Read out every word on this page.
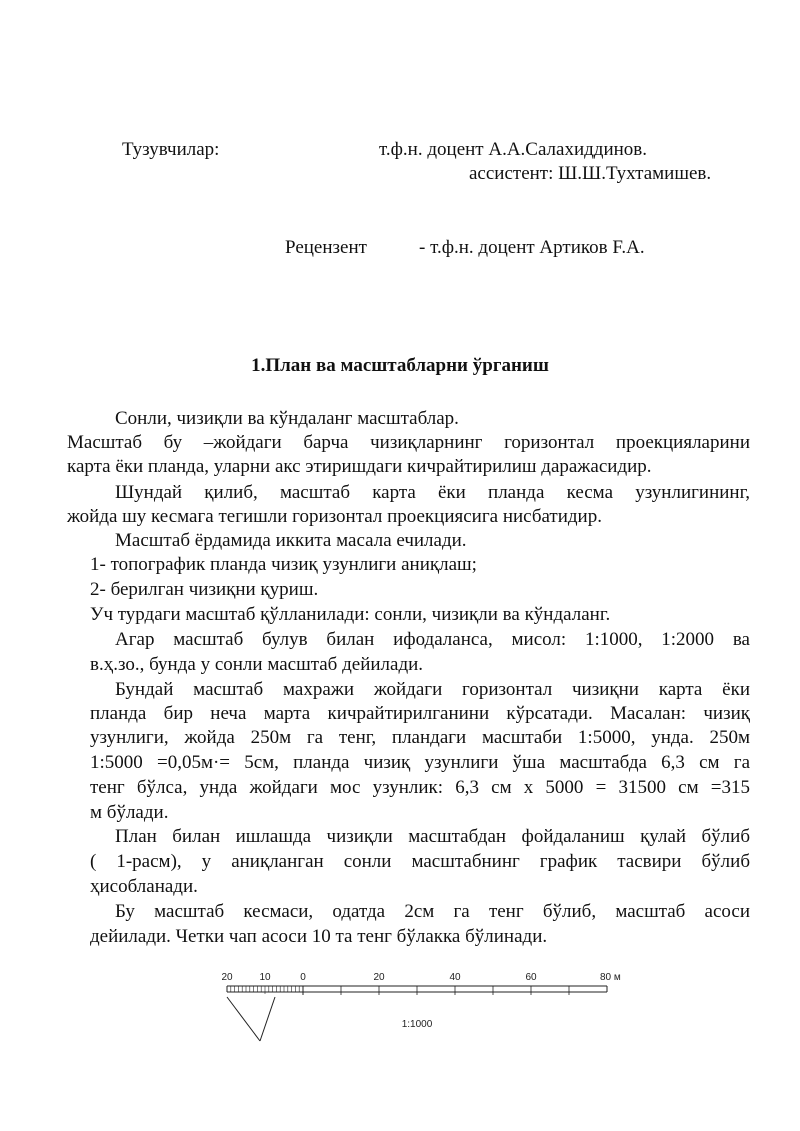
Тузувчилар:	т.ф.н. доцент А.А.Салахиддинов.
ассистент: Ш.Ш.Тухтамишев.
Рецензент	- т.ф.н. доцент Артиков F.А.
1.План ва масштабларни ўрганиш
Сонли, чизиқли ва кўндаланг масштаблар.
Масштаб бу –жойдаги барча чизиқларнинг горизонтал проекцияларини
карта ёки планда, уларни акс этиришдаги кичрайтирилиш даражасидир.
Шундай қилиб, масштаб карта ёки планда кесма узунлигининг,
жойда шу кесмага тегишли горизонтал проекциясига нисбатидир.
Масштаб ёрдамида иккита масала ечилади.
1- топографик планда чизиқ узунлиги аниқлаш;
2- берилган чизиқни қуриш.
Уч турдаги масштаб қўлланилади: сонли, чизиқли ва кўндаланг.
Агар масштаб булув билан ифодаланса, мисол: 1:1000, 1:2000 ва
в.ҳ.зо., бунда у сонли масштаб дейилади.
Бундай масштаб махражи жойдаги горизонтал чизиқни карта ёки
планда бир неча марта кичрайтирилганини кўрсатади. Масалан: чизиқ
узунлиги, жойда 250м га тенг, пландаги масштаби 1:5000, унда. 250м
1:5000 =0,05м·= 5см, планда чизиқ узунлиги ўша масштабда 6,3 см га
тенг бўлса, унда жойдаги мос узунлик: 6,3 см х 5000 = 31500 см =315
м бўлади.
План билан ишлашда чизиқли масштабдан фойдаланиш қулай бўлиб
( 1-расм), у аниқланган сонли масштабнинг график тасвири бўлиб
ҳисобланади.
Бу масштаб кесмаси, одатда 2см га тенг бўлиб, масштаб асоси
дейилади. Четки чап асоси 10 та тенг бўлакка бўлинади.
20	10	0	20	40	60	80 м
1:1000
